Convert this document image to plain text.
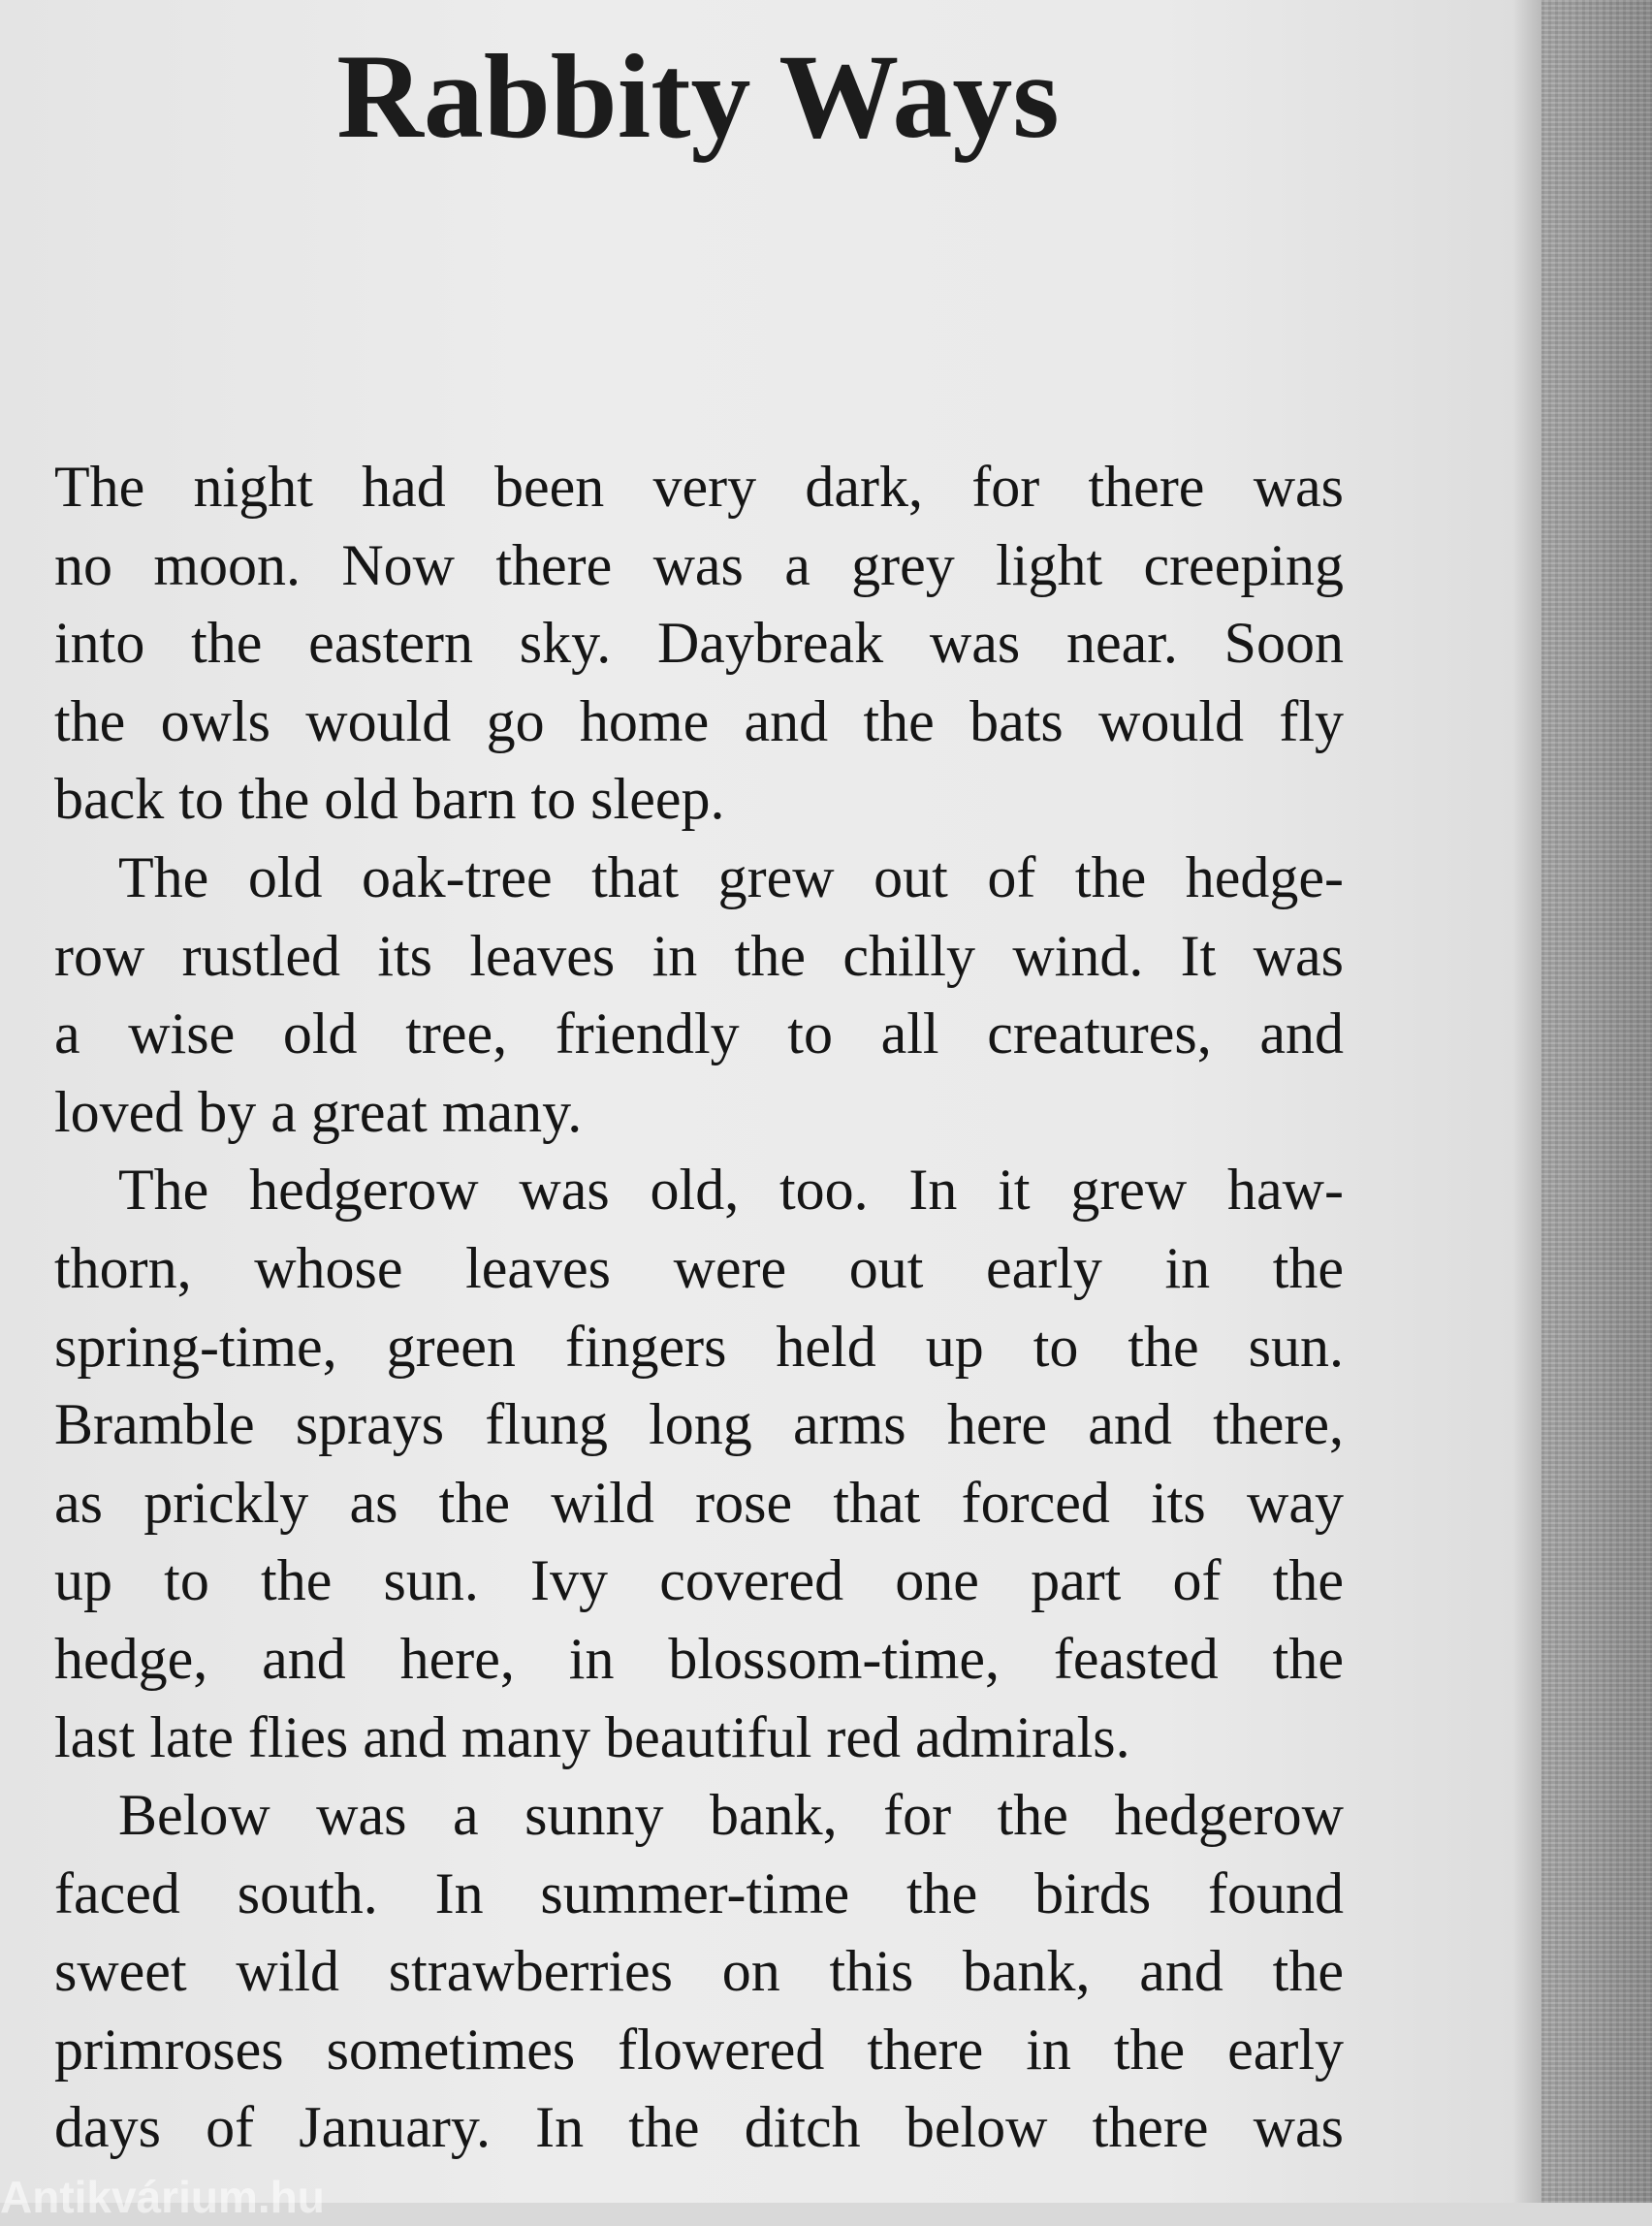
Rabbity Ways
The night had been very dark, for there was
no moon. Now there was a grey light creeping
into the eastern sky. Daybreak was near. Soon
the owls would go home and the bats would fly
back to the old barn to sleep.
The old oak-tree that grew out of the hedge-
row rustled its leaves in the chilly wind. It was
a wise old tree, friendly to all creatures, and
loved by a great many.
The hedgerow was old, too. In it grew haw-
thorn, whose leaves were out early in the
spring-time, green fingers held up to the sun.
Bramble sprays flung long arms here and there,
as prickly as the wild rose that forced its way
up to the sun. Ivy covered one part of the
hedge, and here, in blossom-time, feasted the
last late flies and many beautiful red admirals.
Below was a sunny bank, for the hedgerow
faced south. In summer-time the birds found
sweet wild strawberries on this bank, and the
primroses sometimes flowered there in the early
days of January. In the ditch below there was
Antikvárium.hu
